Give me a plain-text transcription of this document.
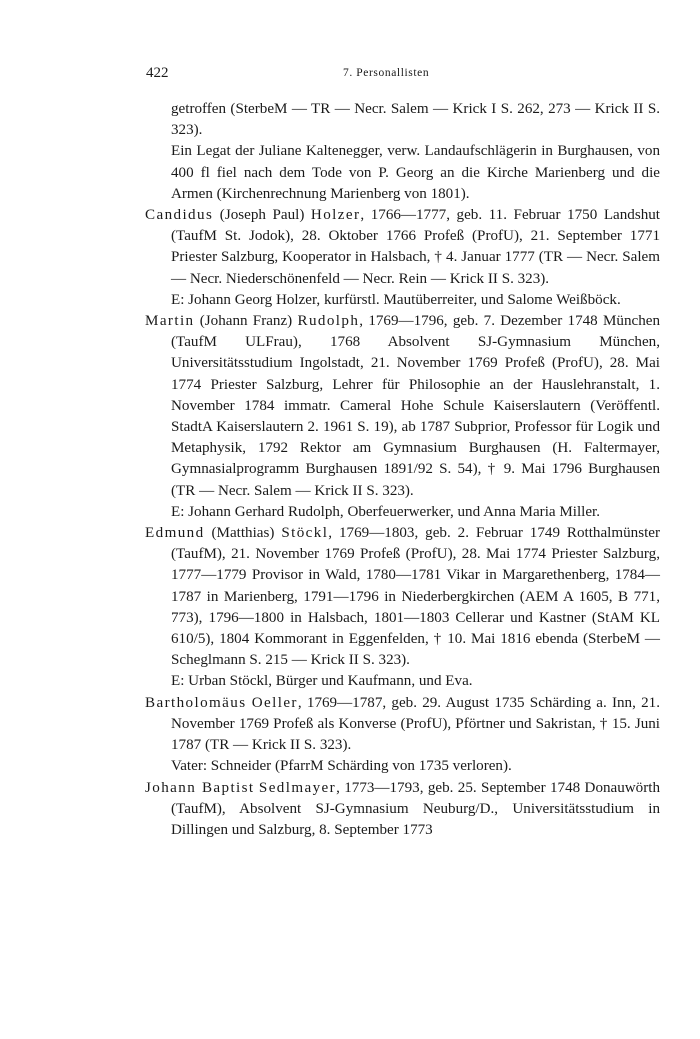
422	7. Personallisten

getroffen (SterbeM — TR — Necr. Salem — Krick I S. 262, 273 — Krick II S. 323).

Ein Legat der Juliane Kaltenegger, verw. Landaufschlägerin in Burghausen, von 400 fl fiel nach dem Tode von P. Georg an die Kirche Marienberg und die Armen (Kirchenrechnung Marienberg von 1801).

Candidus (Joseph Paul) Holzer, 1766—1777, geb. 11. Februar 1750 Landshut (TaufM St. Jodok), 28. Oktober 1766 Profeß (ProfU), 21. September 1771 Priester Salzburg, Kooperator in Halsbach, † 4. Januar 1777 (TR — Necr. Salem — Necr. Niederschönenfeld — Necr. Rein — Krick II S. 323).

E: Johann Georg Holzer, kurfürstl. Mautüberreiter, und Salome Weißböck.

Martin (Johann Franz) Rudolph, 1769—1796, geb. 7. Dezember 1748 München (TaufM ULFrau), 1768 Absolvent SJ-Gymnasium München, Universitätsstudium Ingolstadt, 21. November 1769 Profeß (ProfU), 28. Mai 1774 Priester Salzburg, Lehrer für Philosophie an der Hauslehranstalt, 1. November 1784 immatr. Cameral Hohe Schule Kaiserslautern (Veröffentl. StadtA Kaiserslautern 2. 1961 S. 19), ab 1787 Subprior, Professor für Logik und Metaphysik, 1792 Rektor am Gymnasium Burghausen (H. Faltermayer, Gymnasialprogramm Burghausen 1891/92 S. 54), † 9. Mai 1796 Burghausen (TR — Necr. Salem — Krick II S. 323).

E: Johann Gerhard Rudolph, Oberfeuerwerker, und Anna Maria Miller.

Edmund (Matthias) Stöckl, 1769—1803, geb. 2. Februar 1749 Rotthalmünster (TaufM), 21. November 1769 Profeß (ProfU), 28. Mai 1774 Priester Salzburg, 1777—1779 Provisor in Wald, 1780—1781 Vikar in Margarethenberg, 1784—1787 in Marienberg, 1791—1796 in Niederbergkirchen (AEM A 1605, B 771, 773), 1796—1800 in Halsbach, 1801—1803 Cellerar und Kastner (StAM KL 610/5), 1804 Kommorant in Eggenfelden, † 10. Mai 1816 ebenda (SterbeM — Scheglmann S. 215 — Krick II S. 323).

E: Urban Stöckl, Bürger und Kaufmann, und Eva.

Bartholomäus Oeller, 1769—1787, geb. 29. August 1735 Schärding a. Inn, 21. November 1769 Profeß als Konverse (ProfU), Pförtner und Sakristan, † 15. Juni 1787 (TR — Krick II S. 323).

Vater: Schneider (PfarrM Schärding von 1735 verloren).

Johann Baptist Sedlmayer, 1773—1793, geb. 25. September 1748 Donauwörth (TaufM), Absolvent SJ-Gymnasium Neuburg/D., Universitätsstudium in Dillingen und Salzburg, 8. September 1773
